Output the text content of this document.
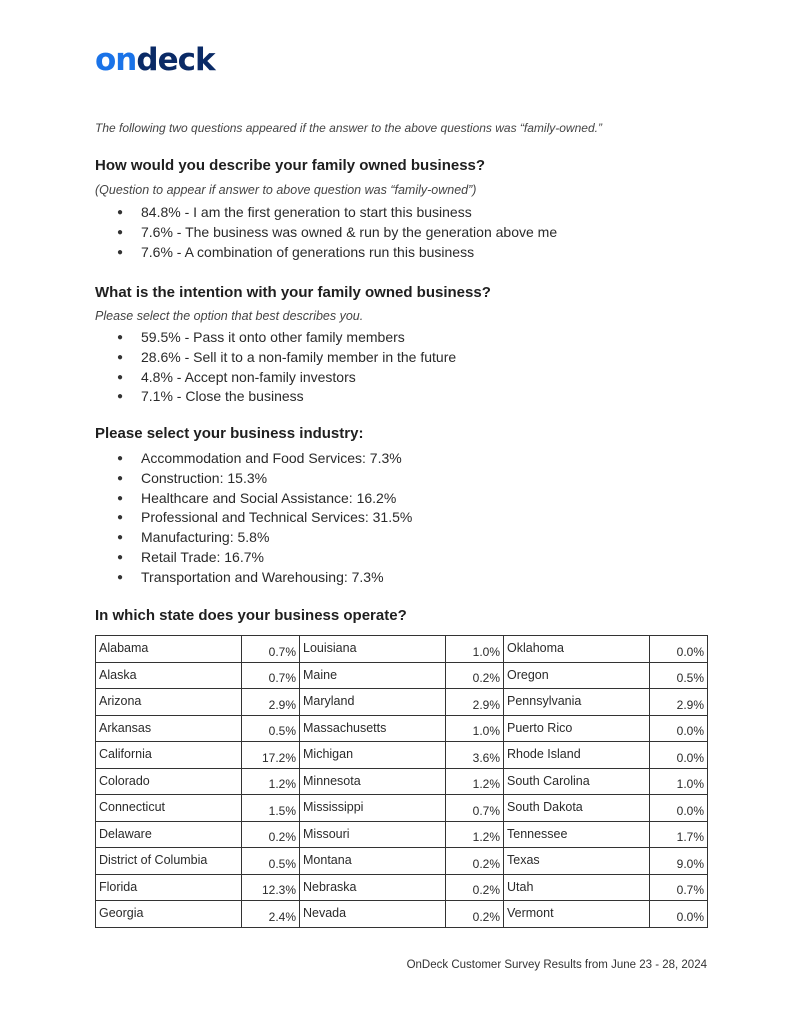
ondeck
The following two questions appeared if the answer to the above questions was “family-owned.”
How would you describe your family owned business?
(Question to appear if answer to above question was “family-owned”)
● 84.8% - I am the first generation to start this business
● 7.6% - The business was owned & run by the generation above me
● 7.6% - A combination of generations run this business
What is the intention with your family owned business?
Please select the option that best describes you.
● 59.5% - Pass it onto other family members
● 28.6% - Sell it to a non-family member in the future
● 4.8% - Accept non-family investors
● 7.1% - Close the business
Please select your business industry:
● Accommodation and Food Services: 7.3%
● Construction: 15.3%
● Healthcare and Social Assistance: 16.2%
● Professional and Technical Services: 31.5%
● Manufacturing: 5.8%
● Retail Trade: 16.7%
● Transportation and Warehousing: 7.3%
In which state does your business operate?
Alabama	0.7%	Louisiana	1.0%	Oklahoma	0.0%
Alaska	0.7%	Maine	0.2%	Oregon	0.5%
Arizona	2.9%	Maryland	2.9%	Pennsylvania	2.9%
Arkansas	0.5%	Massachusetts	1.0%	Puerto Rico	0.0%
California	17.2%	Michigan	3.6%	Rhode Island	0.0%
Colorado	1.2%	Minnesota	1.2%	South Carolina	1.0%
Connecticut	1.5%	Mississippi	0.7%	South Dakota	0.0%
Delaware	0.2%	Missouri	1.2%	Tennessee	1.7%
District of Columbia	0.5%	Montana	0.2%	Texas	9.0%
Florida	12.3%	Nebraska	0.2%	Utah	0.7%
Georgia	2.4%	Nevada	0.2%	Vermont	0.0%
OnDeck Customer Survey Results from June 23 - 28, 2024
